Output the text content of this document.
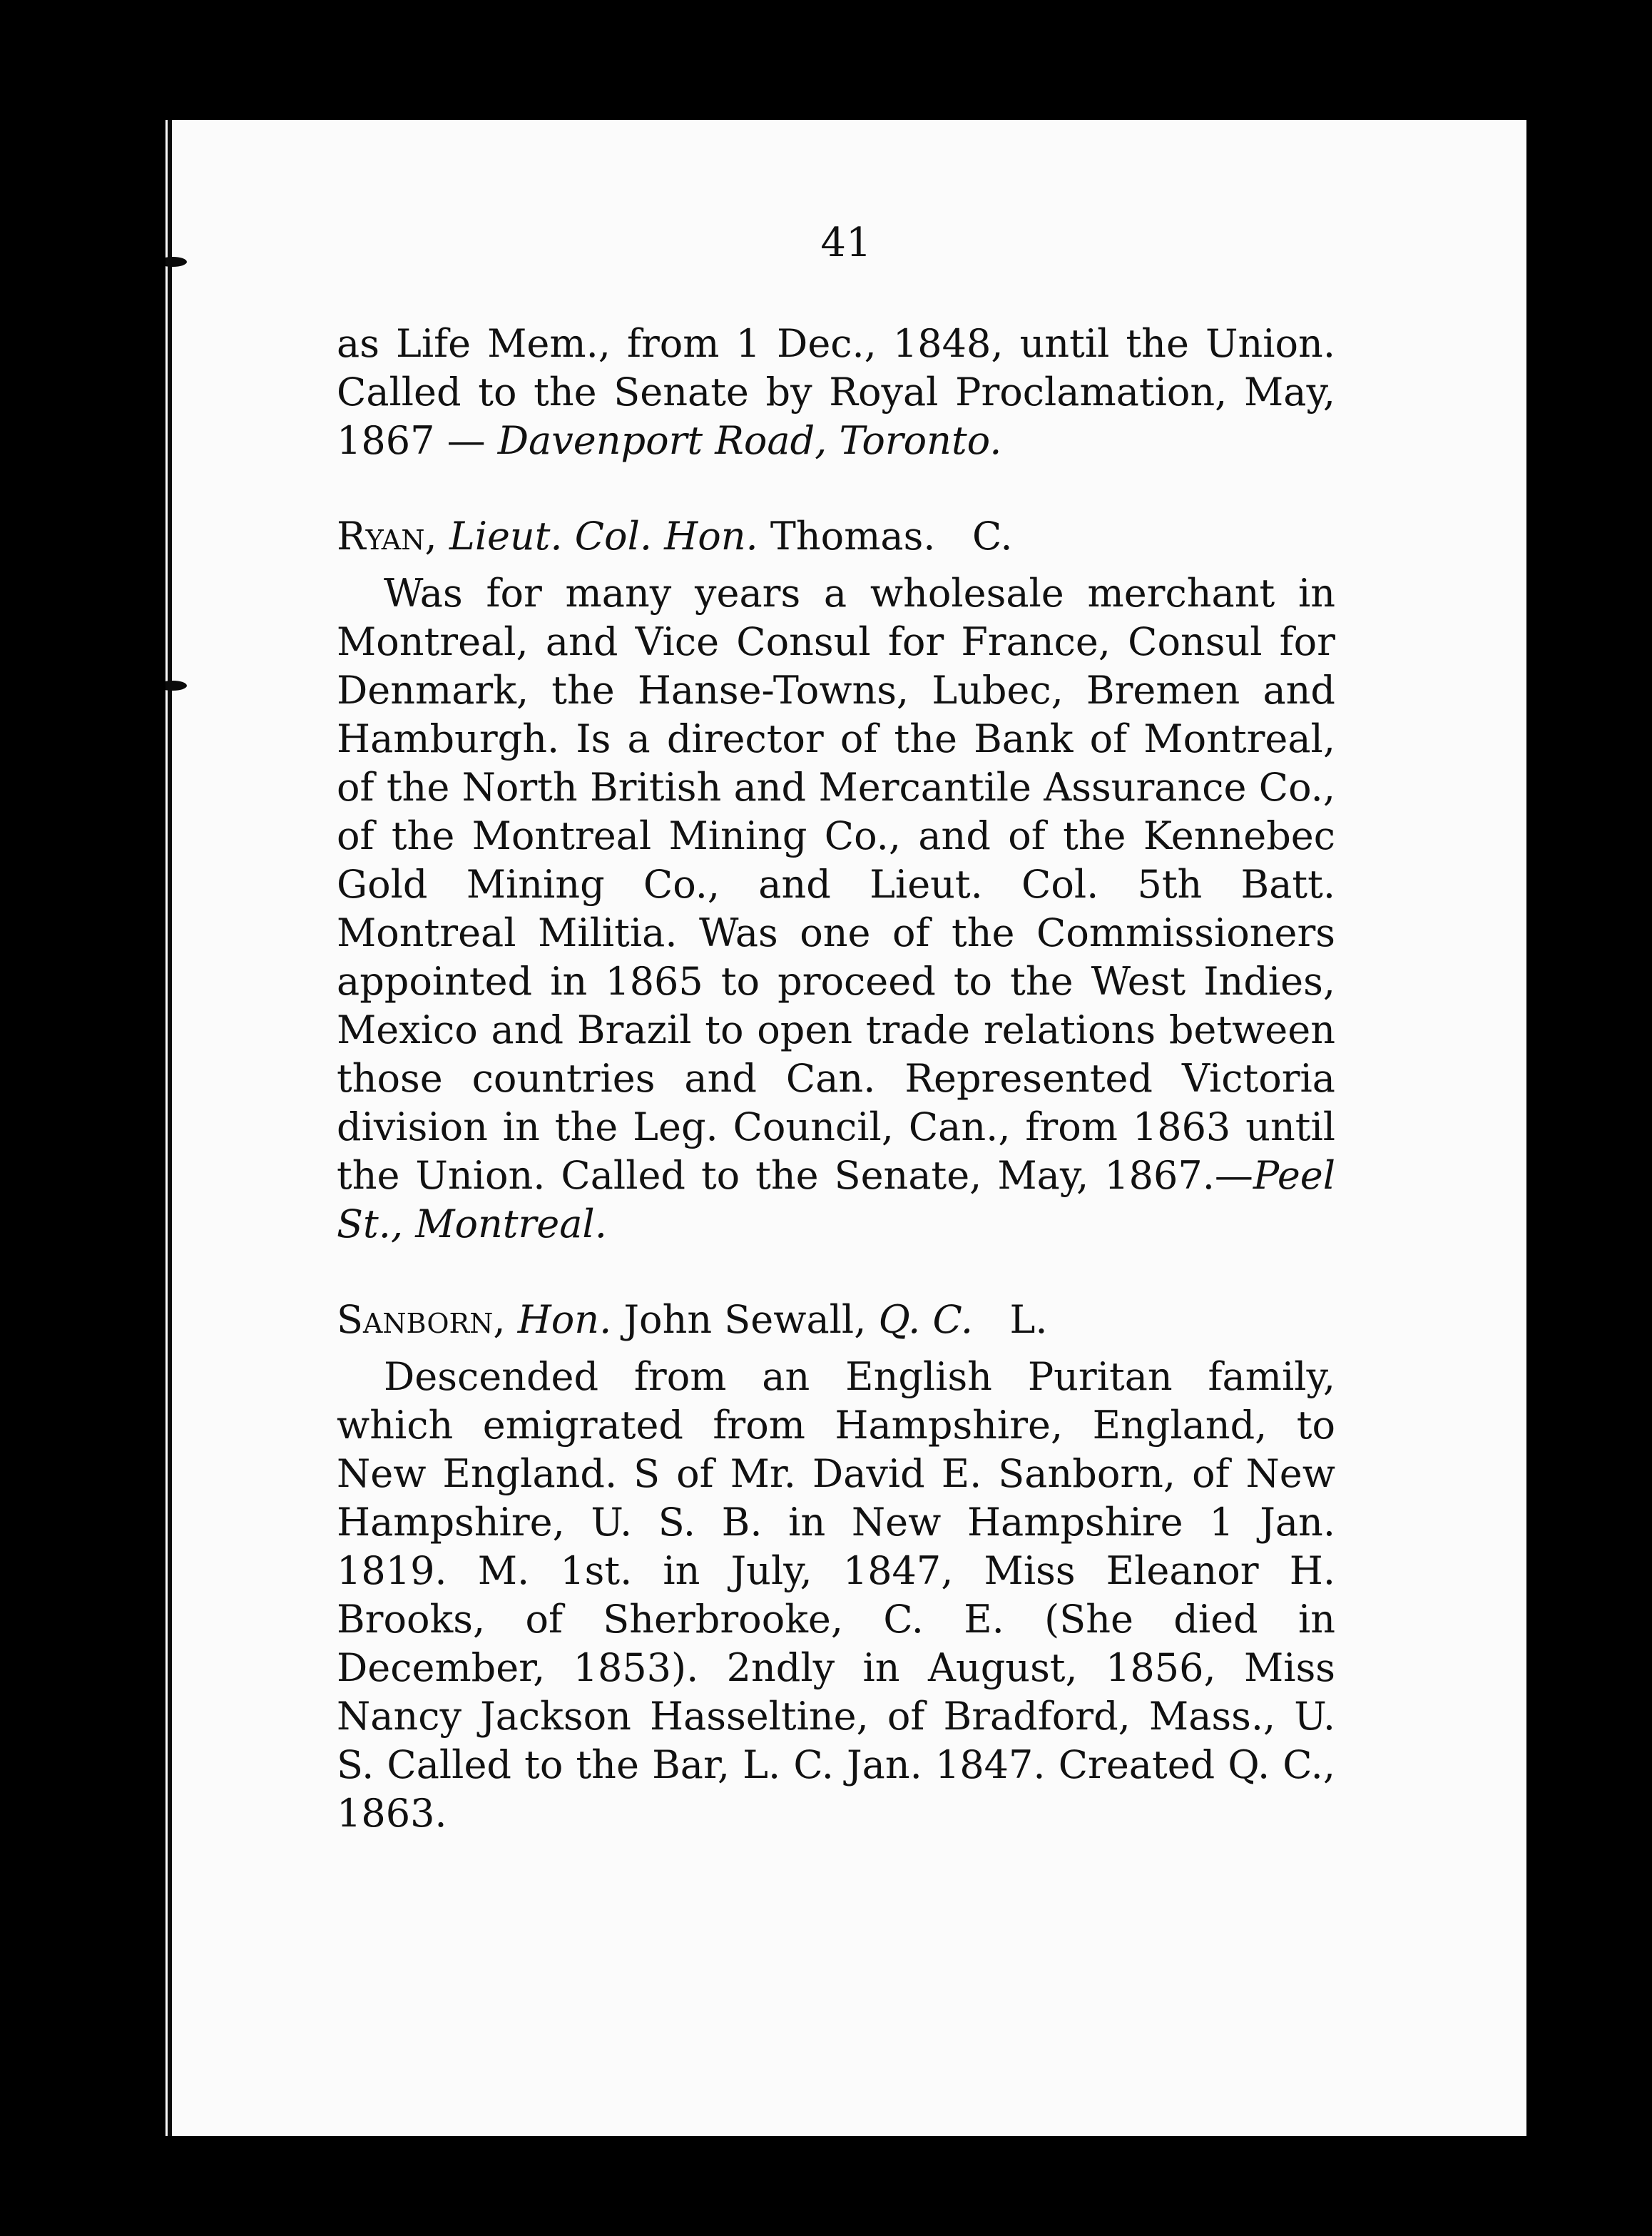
41

as Life Mem., from 1 Dec., 1848, until the Union. Called to the Senate by Royal Proclamation, May, 1867 — Davenport Road, Toronto.

Ryan, Lieut. Col. Hon. Thomas. C.

Was for many years a wholesale merchant in Montreal, and Vice Consul for France, Consul for Denmark, the Hanse-Towns, Lubec, Bremen and Hamburgh. Is a director of the Bank of Montreal, of the North British and Mercantile Assurance Co., of the Montreal Mining Co., and of the Kennebec Gold Mining Co., and Lieut. Col. 5th Batt. Montreal Militia. Was one of the Commissioners appointed in 1865 to proceed to the West Indies, Mexico and Brazil to open trade relations between those countries and Can. Represented Victoria division in the Leg. Council, Can., from 1863 until the Union. Called to the Senate, May, 1867.—Peel St., Montreal.

Sanborn, Hon. John Sewall, Q. C. L.

Descended from an English Puritan family, which emigrated from Hampshire, England, to New England. S of Mr. David E. Sanborn, of New Hampshire, U. S. B. in New Hampshire 1 Jan. 1819. M. 1st. in July, 1847, Miss Eleanor H. Brooks, of Sherbrooke, C. E. (She died in December, 1853). 2ndly in August, 1856, Miss Nancy Jackson Hasseltine, of Bradford, Mass., U. S. Called to the Bar, L. C. Jan. 1847. Created Q. C., 1863.
